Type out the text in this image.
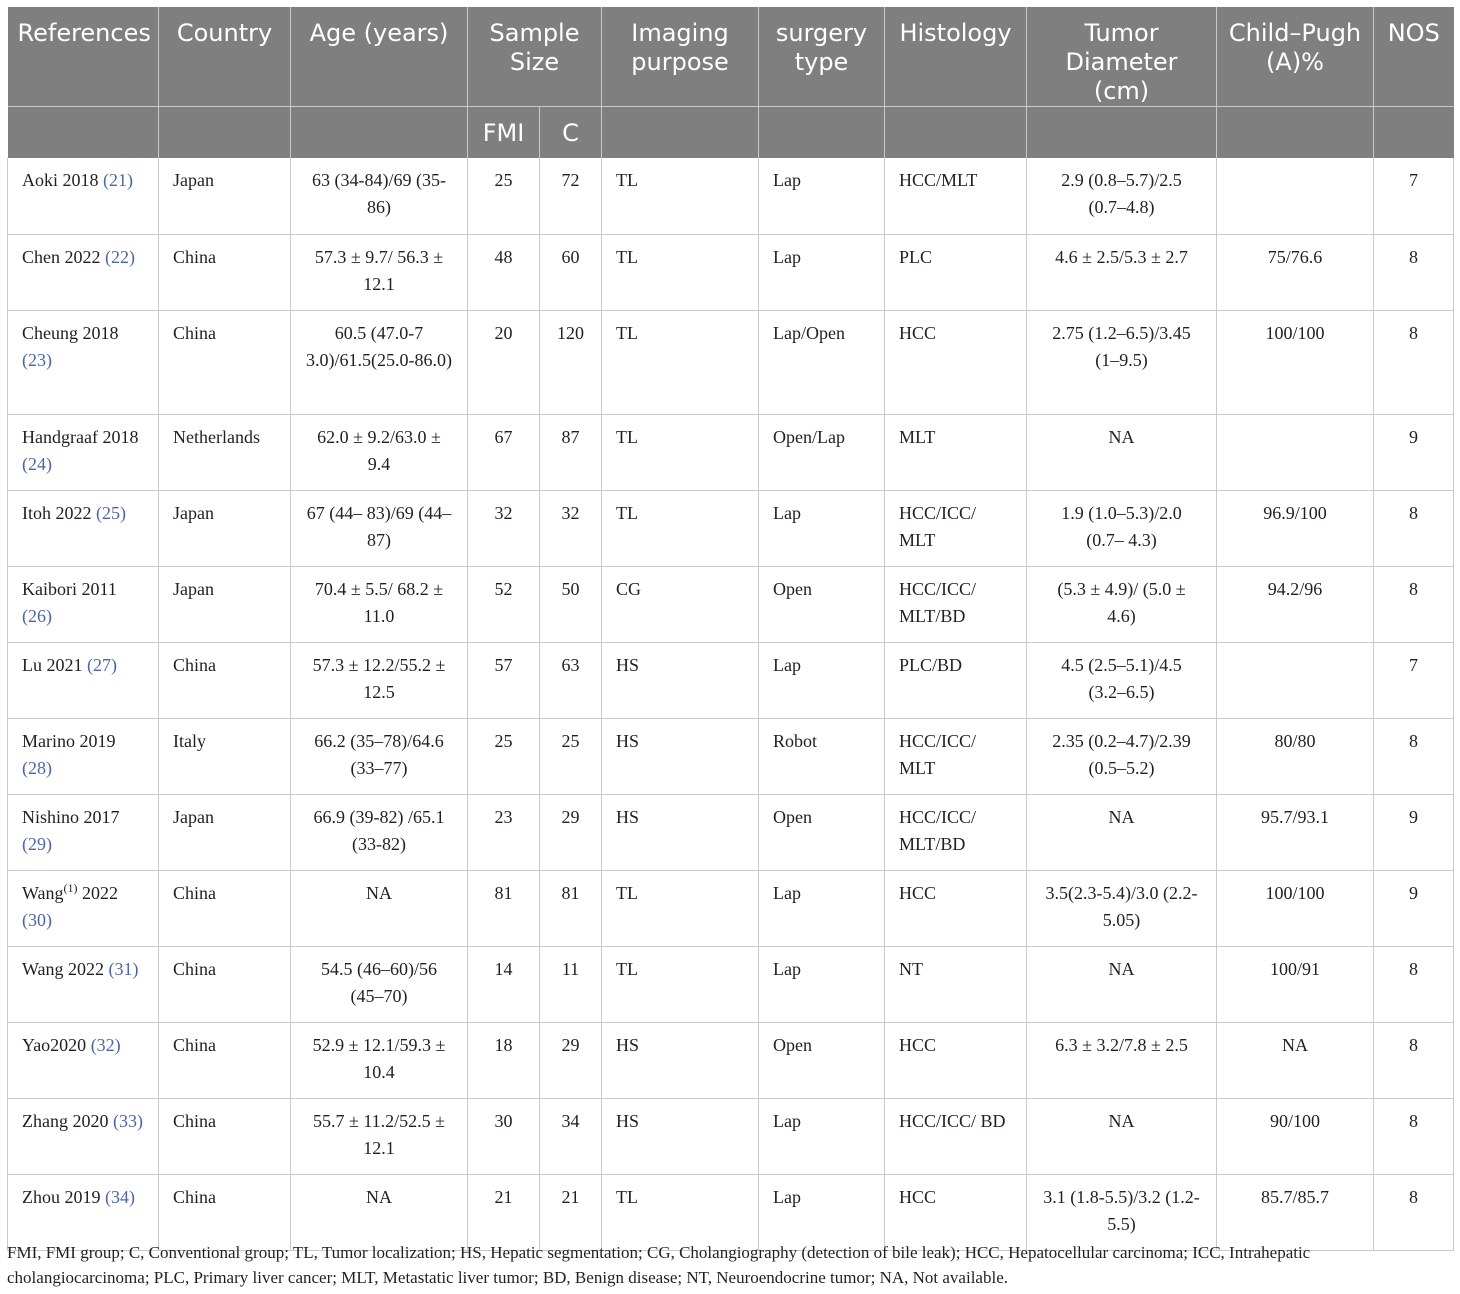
References	Country	Age (years)	Sample Size		Imaging purpose	surgery type	Histology	Tumor Diameter (cm)	Child–Pugh (A)%	NOS
			FMI	C						
Aoki 2018 (21)	Japan	63 (34-84)/69 (35-86)	25	72	TL	Lap	HCC/MLT	2.9 (0.8–5.7)/2.5 (0.7–4.8)		7
Chen 2022 (22)	China	57.3 ± 9.7/ 56.3 ± 12.1	48	60	TL	Lap	PLC	4.6 ± 2.5/5.3 ± 2.7	75/76.6	8
Cheung 2018 (23)	China	60.5 (47.0-7 3.0)/61.5(25.0-86.0)	20	120	TL	Lap/Open	HCC	2.75 (1.2–6.5)/3.45 (1–9.5)	100/100	8
Handgraaf 2018 (24)	Netherlands	62.0 ± 9.2/63.0 ± 9.4	67	87	TL	Open/Lap	MLT	NA		9
Itoh 2022 (25)	Japan	67 (44– 83)/69 (44– 87)	32	32	TL	Lap	HCC/ICC/ MLT	1.9 (1.0–5.3)/2.0 (0.7– 4.3)	96.9/100	8
Kaibori 2011 (26)	Japan	70.4 ± 5.5/ 68.2 ± 11.0	52	50	CG	Open	HCC/ICC/ MLT/BD	(5.3 ± 4.9)/ (5.0 ± 4.6)	94.2/96	8
Lu 2021 (27)	China	57.3 ± 12.2/55.2 ± 12.5	57	63	HS	Lap	PLC/BD	4.5 (2.5–5.1)/4.5 (3.2–6.5)		7
Marino 2019 (28)	Italy	66.2 (35–78)/64.6 (33–77)	25	25	HS	Robot	HCC/ICC/ MLT	2.35 (0.2–4.7)/2.39 (0.5–5.2)	80/80	8
Nishino 2017 (29)	Japan	66.9 (39-82) /65.1 (33-82)	23	29	HS	Open	HCC/ICC/ MLT/BD	NA	95.7/93.1	9
Wang$^{(1)}$ 2022 (30)	China	NA	81	81	TL	Lap	HCC	3.5(2.3-5.4)/3.0 (2.2-5.05)	100/100	9
Wang 2022 (31)	China	54.5 (46–60)/56 (45–70)	14	11	TL	Lap	NT	NA	100/91	8
Yao2020 (32)	China	52.9 ± 12.1/59.3 ± 10.4	18	29	HS	Open	HCC	6.3 ± 3.2/7.8 ± 2.5	NA	8
Zhang 2020 (33)	China	55.7 ± 11.2/52.5 ± 12.1	30	34	HS	Lap	HCC/ICC/ BD	NA	90/100	8
Zhou 2019 (34)	China	NA	21	21	TL	Lap	HCC	3.1 (1.8-5.5)/3.2 (1.2-5.5)	85.7/85.7	8
FMI, FMI group; C, Conventional group; TL, Tumor localization; HS, Hepatic segmentation; CG, Cholangiography (detection of bile leak); HCC, Hepatocellular carcinoma; ICC, Intrahepatic cholangiocarcinoma; PLC, Primary liver cancer; MLT, Metastatic liver tumor; BD, Benign disease; NT, Neuroendocrine tumor; NA, Not available.
